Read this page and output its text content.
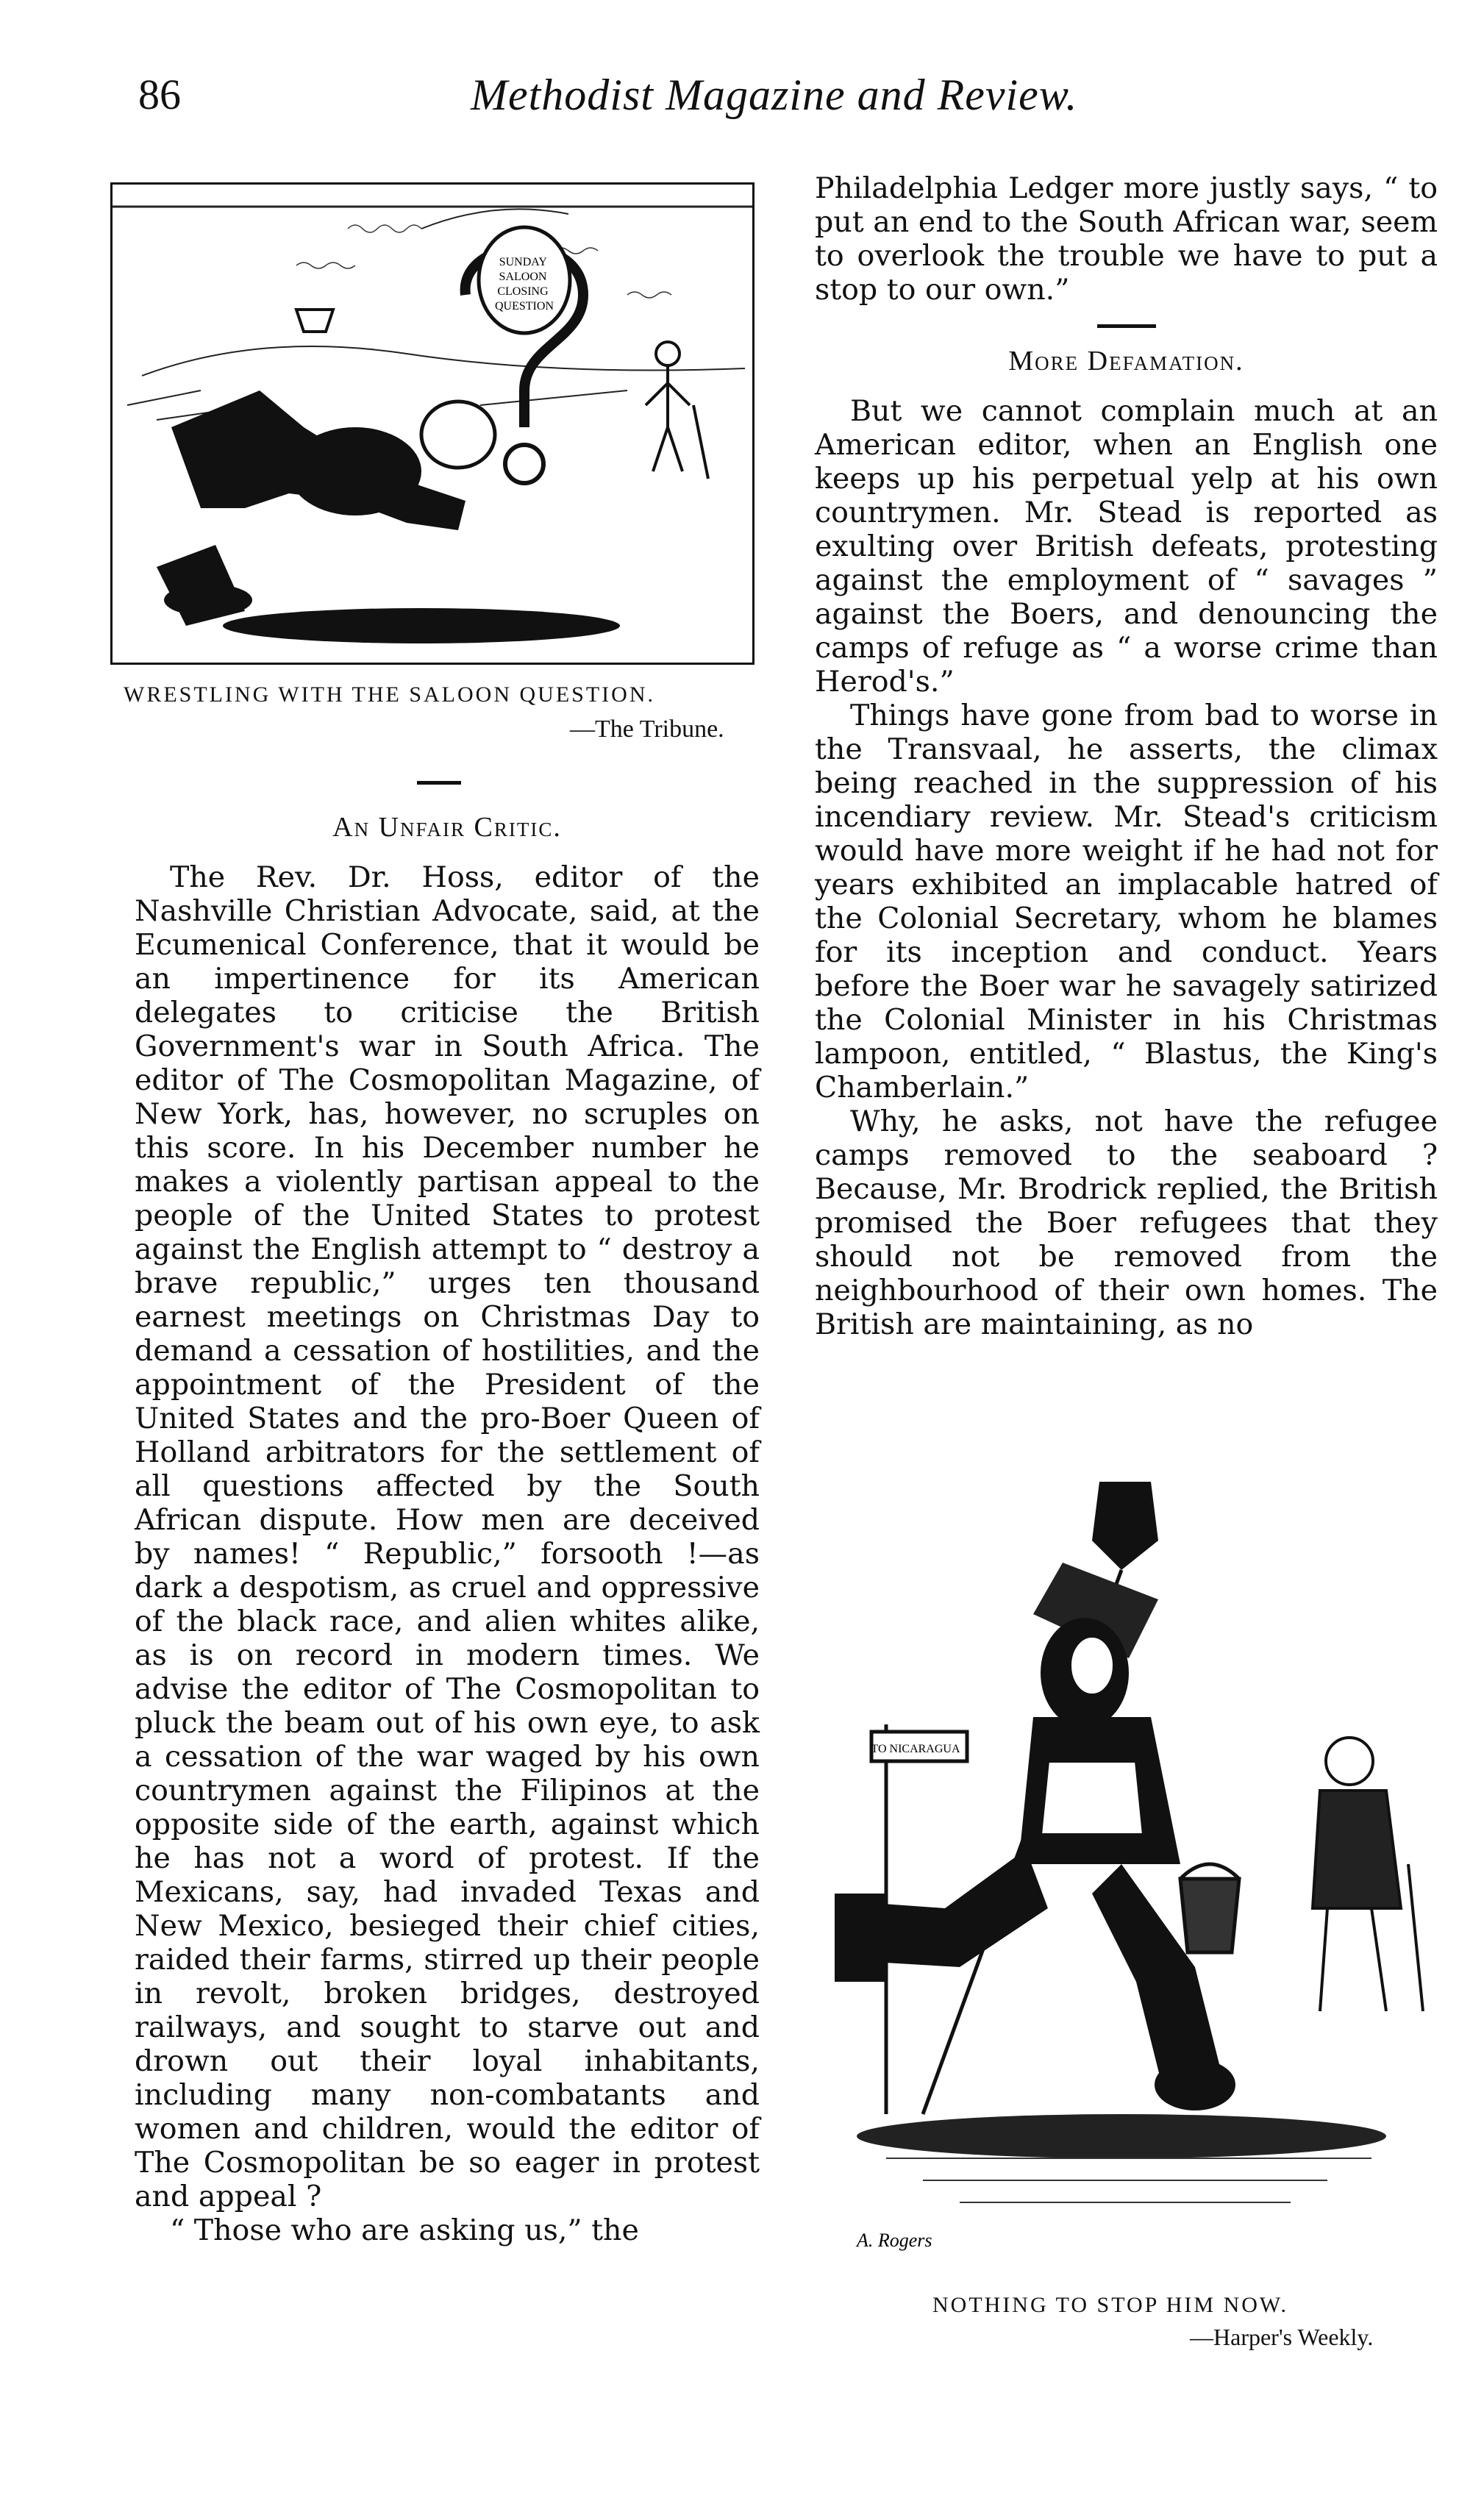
86	Methodist Magazine and Review.
SUNDAY SALOON CLOSING QUESTION
WRESTLING WITH THE SALOON QUESTION.
—The Tribune.
An Unfair Critic.

The Rev. Dr. Hoss, editor of the Nashville Christian Advocate, said, at the Ecumenical Conference, that it would be an impertinence for its American delegates to criticise the British Government's war in South Africa. The editor of The Cosmopolitan Magazine, of New York, has, however, no scruples on this score. In his December number he makes a violently partisan appeal to the people of the United States to protest against the English attempt to “ destroy a brave republic,” urges ten thousand earnest meetings on Christmas Day to demand a cessation of hostilities, and the appointment of the President of the United States and the pro-Boer Queen of Holland arbitrators for the settlement of all questions affected by the South African dispute. How men are deceived by names! “ Republic,” forsooth !—as dark a despotism, as cruel and oppressive of the black race, and alien whites alike, as is on record in modern times. We advise the editor of The Cosmopolitan to pluck the beam out of his own eye, to ask a cessation of the war waged by his own countrymen against the Filipinos at the opposite side of the earth, against which he has not a word of protest. If the Mexicans, say, had invaded Texas and New Mexico, besieged their chief cities, raided their farms, stirred up their people in revolt, broken bridges, destroyed railways, and sought to starve out and drown out their loyal inhabitants, including many non-combatants and women and children, would the editor of The Cosmopolitan be so eager in protest and appeal ?

“ Those who are asking us,” the

Philadelphia Ledger more justly says, “ to put an end to the South African war, seem to overlook the trouble we have to put a stop to our own.”

More Defamation.

But we cannot complain much at an American editor, when an English one keeps up his perpetual yelp at his own countrymen. Mr. Stead is reported as exulting over British defeats, protesting against the employment of “ savages ” against the Boers, and denouncing the camps of refuge as “ a worse crime than Herod's.”

Things have gone from bad to worse in the Transvaal, he asserts, the climax being reached in the suppression of his incendiary review. Mr. Stead's criticism would have more weight if he had not for years exhibited an implacable hatred of the Colonial Secretary, whom he blames for its inception and conduct. Years before the Boer war he savagely satirized the Colonial Minister in his Christmas lampoon, entitled, “ Blastus, the King's Chamberlain.”

Why, he asks, not have the refugee camps removed to the seaboard ? Because, Mr. Brodrick replied, the British promised the Boer refugees that they should not be removed from the neighbourhood of their own homes. The British are maintaining, as no

TO NICARAGUA
A. Rogers
NOTHING TO STOP HIM NOW.
—Harper's Weekly.
